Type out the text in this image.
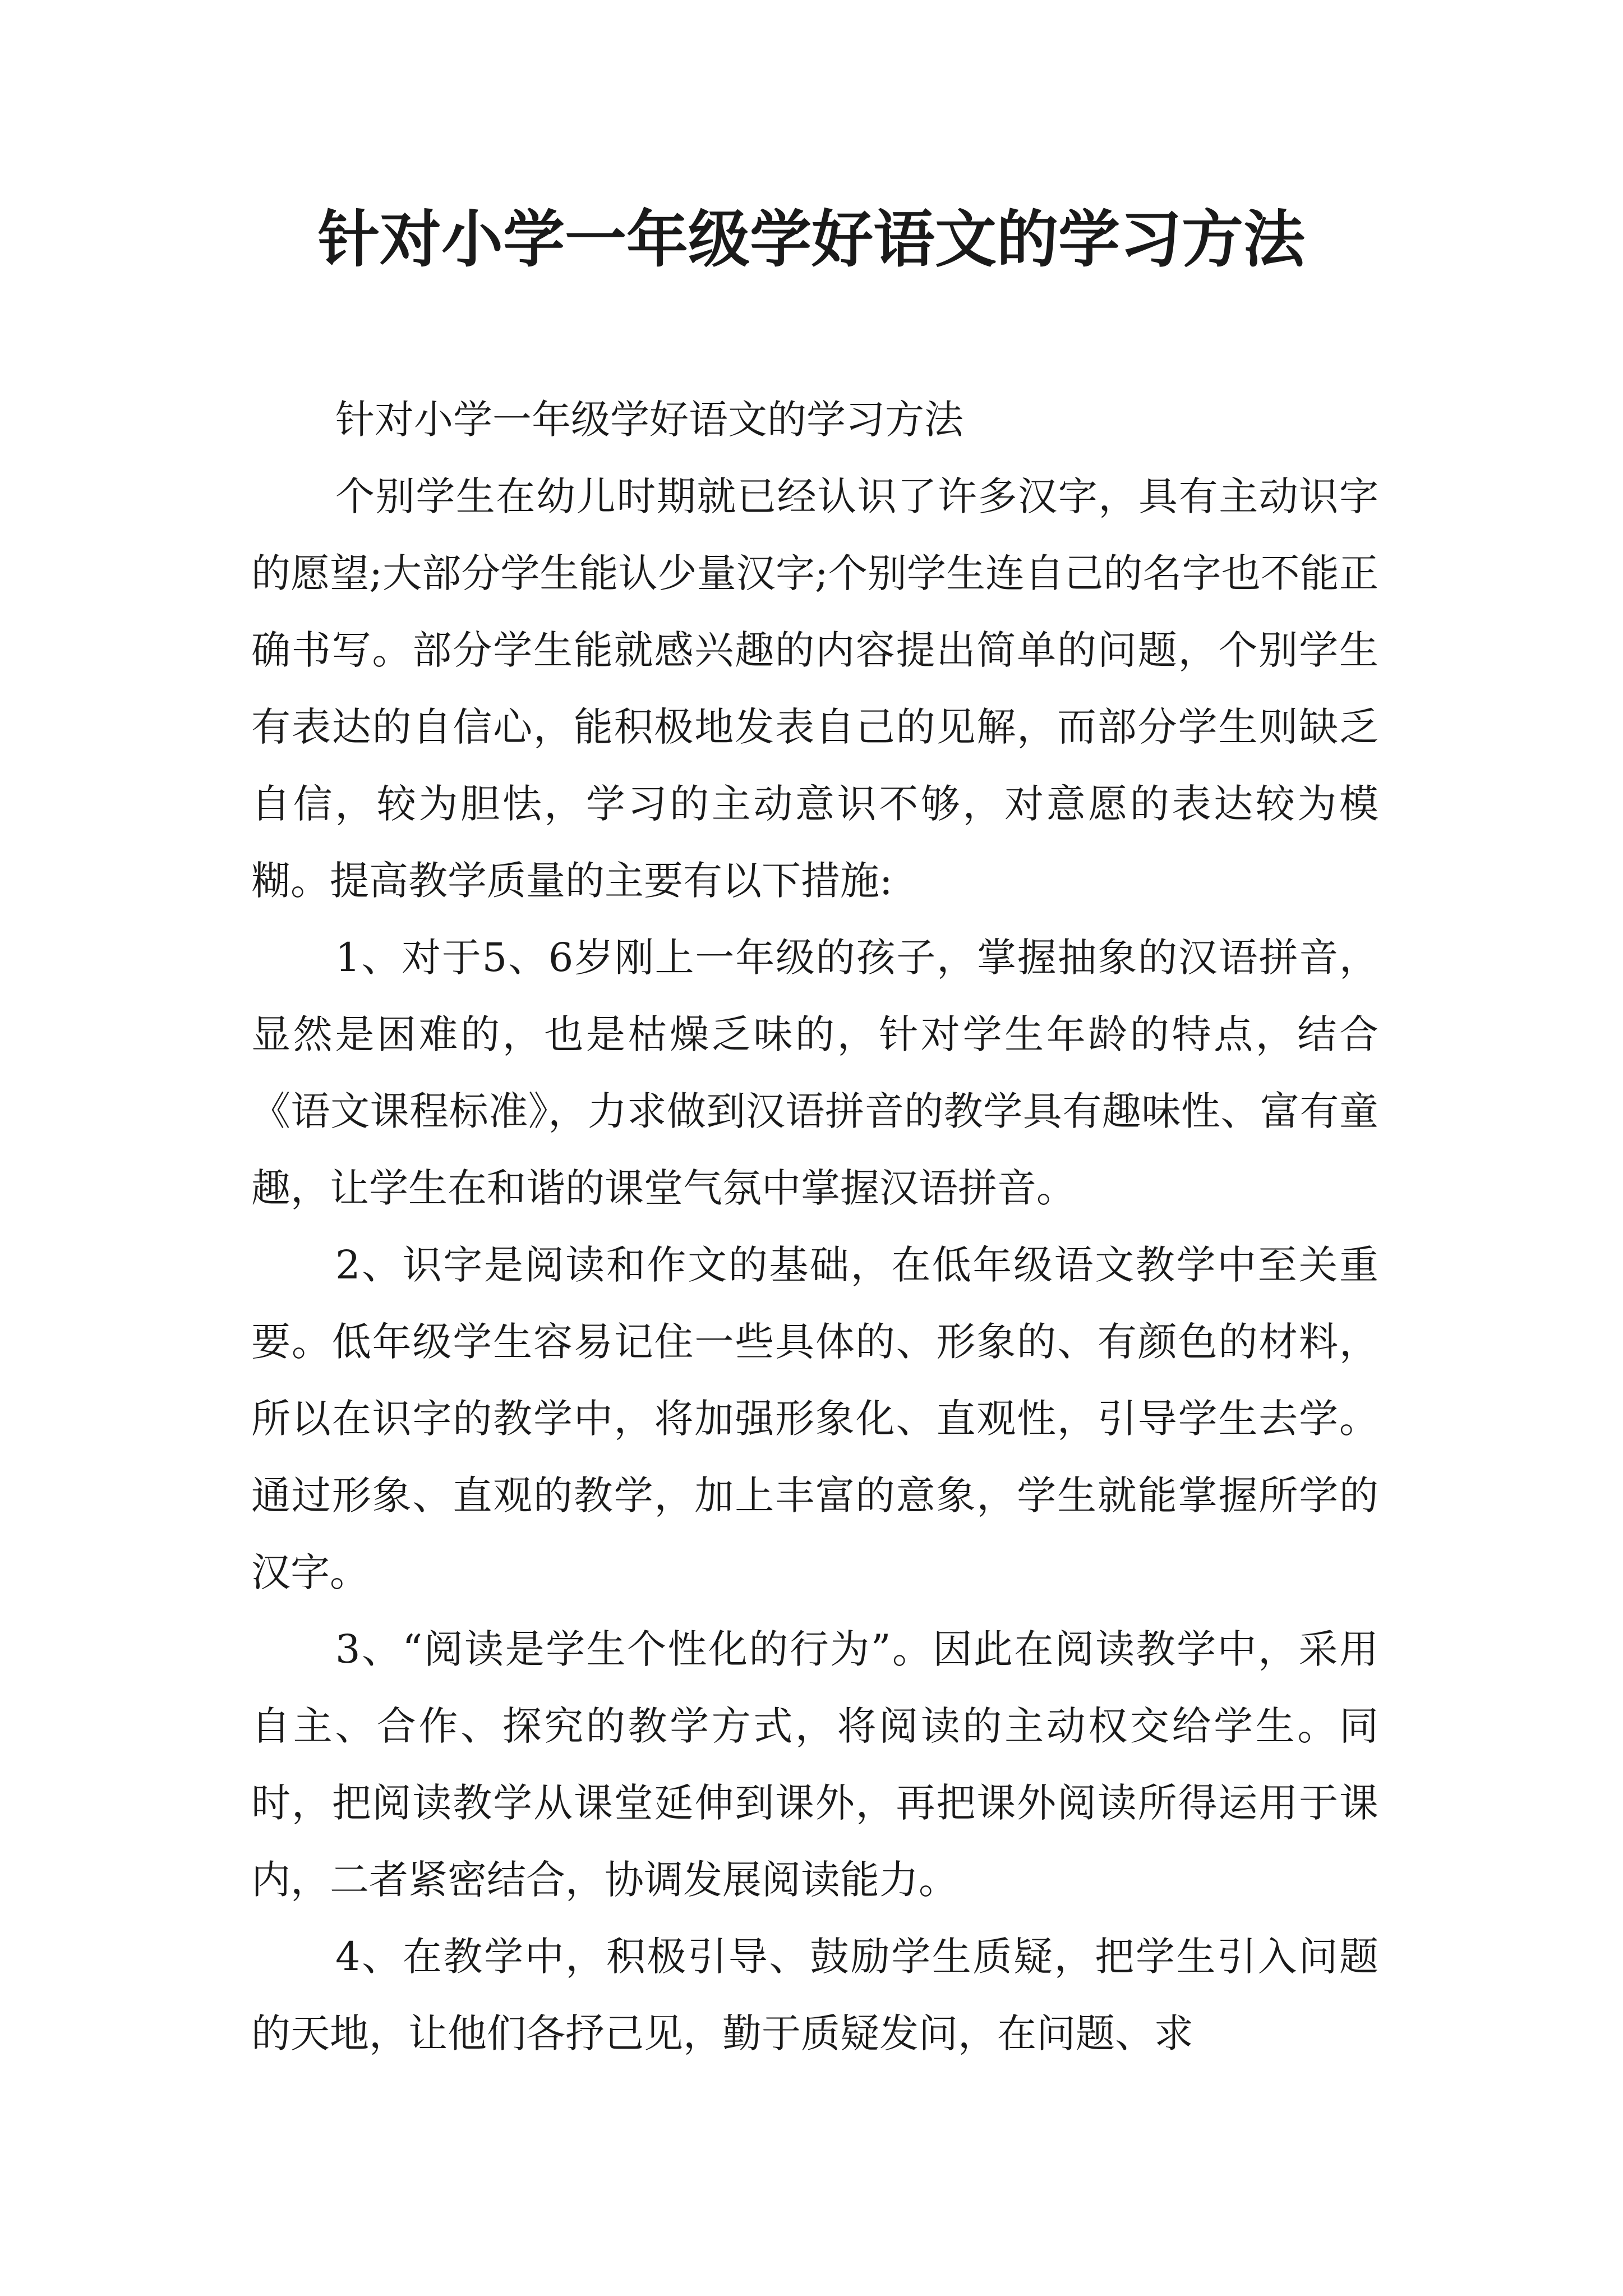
针对小学一年级学好语文的学习方法

针对小学一年级学好语文的学习方法

个别学生在幼儿时期就已经认识了许多汉字，具有主动识字的愿望;大部分学生能认少量汉字;个别学生连自己的名字也不能正确书写。部分学生能就感兴趣的内容提出简单的问题，个别学生有表达的自信心，能积极地发表自己的见解，而部分学生则缺乏自信，较为胆怯，学习的主动意识不够，对意愿的表达较为模糊。提高教学质量的主要有以下措施:

1、对于5、6岁刚上一年级的孩子，掌握抽象的汉语拼音，显然是困难的，也是枯燥乏味的，针对学生年龄的特点，结合《语文课程标准》，力求做到汉语拼音的教学具有趣味性、富有童趣，让学生在和谐的课堂气氛中掌握汉语拼音。

2、识字是阅读和作文的基础，在低年级语文教学中至关重要。低年级学生容易记住一些具体的、形象的、有颜色的材料，所以在识字的教学中，将加强形象化、直观性，引导学生去学。通过形象、直观的教学，加上丰富的意象，学生就能掌握所学的汉字。

3、“阅读是学生个性化的行为”。因此在阅读教学中，采用自主、合作、探究的教学方式，将阅读的主动权交给学生。同时，把阅读教学从课堂延伸到课外，再把课外阅读所得运用于课内，二者紧密结合，协调发展阅读能力。

4、在教学中，积极引导、鼓励学生质疑，把学生引入问题的天地，让他们各抒己见，勤于质疑发问，在问题、求
